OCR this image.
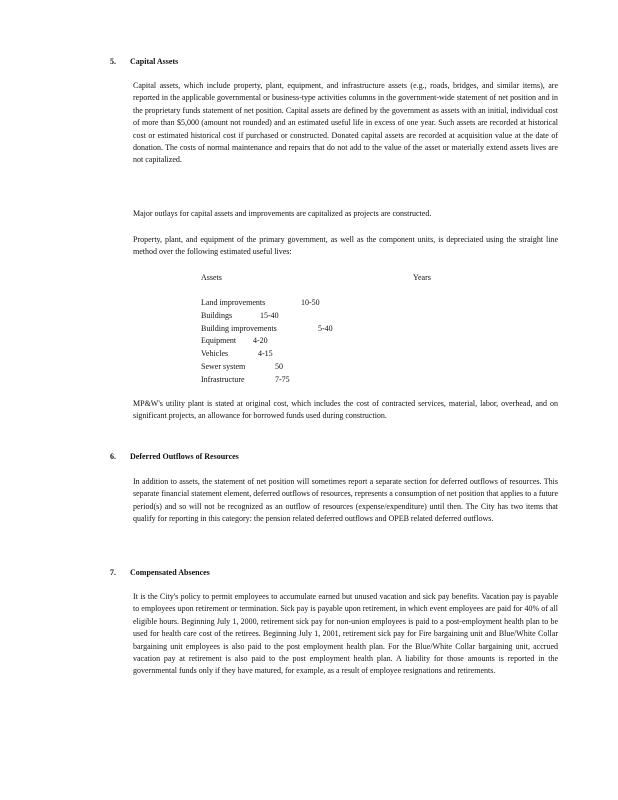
5. Capital Assets

Capital assets, which include property, plant, equipment, and infrastructure assets (e.g., roads, bridges, and similar items), are reported in the applicable governmental or business-type activities columns in the government-wide statement of net position and in the proprietary funds statement of net position. Capital assets are defined by the government as assets with an initial, individual cost of more than $5,000 (amount not rounded) and an estimated useful life in excess of one year. Such assets are recorded at historical cost or estimated historical cost if purchased or constructed. Donated capital assets are recorded at acquisition value at the date of donation. The costs of normal maintenance and repairs that do not add to the value of the asset or materially extend assets lives are not capitalized.

Major outlays for capital assets and improvements are capitalized as projects are constructed.

Property, plant, and equipment of the primary government, as well as the component units, is depreciated using the straight line method over the following estimated useful lives:

Assets	Years
Land improvements	10-50
Buildings	15-40
Building improvements	5-40
Equipment 4-20
Vehicles	4-15
Sewer system	50
Infrastructure	7-75

MP&W's utility plant is stated at original cost, which includes the cost of contracted services, material, labor, overhead, and on significant projects, an allowance for borrowed funds used during construction.

6. Deferred Outflows of Resources

In addition to assets, the statement of net position will sometimes report a separate section for deferred outflows of resources. This separate financial statement element, deferred outflows of resources, represents a consumption of net position that applies to a future period(s) and so will not be recognized as an outflow of resources (expense/expenditure) until then. The City has two items that qualify for reporting in this category: the pension related deferred outflows and OPEB related deferred outflows.

7. Compensated Absences

It is the City's policy to permit employees to accumulate earned but unused vacation and sick pay benefits. Vacation pay is payable to employees upon retirement or termination. Sick pay is payable upon retirement, in which event employees are paid for 40% of all eligible hours. Beginning July 1, 2000, retirement sick pay for non-union employees is paid to a post-employment health plan to be used for health care cost of the retirees. Beginning July 1, 2001, retirement sick pay for Fire bargaining unit and Blue/White Collar bargaining unit employees is also paid to the post employment health plan. For the Blue/White Collar bargaining unit, accrued vacation pay at retirement is also paid to the post employment health plan. A liability for those amounts is reported in the governmental funds only if they have matured, for example, as a result of employee resignations and retirements.
